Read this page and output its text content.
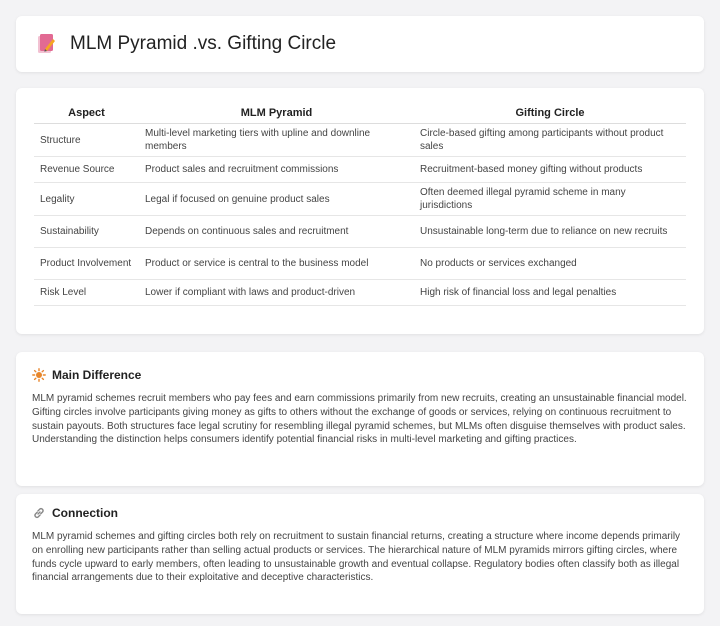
MLM Pyramid .vs. Gifting Circle
Aspect	MLM Pyramid	Gifting Circle
Structure	Multi-level marketing tiers with upline and downline members	Circle-based gifting among participants without product sales
Revenue Source	Product sales and recruitment commissions	Recruitment-based money gifting without products
Legality	Legal if focused on genuine product sales	Often deemed illegal pyramid scheme in many jurisdictions
Sustainability	Depends on continuous sales and recruitment	Unsustainable long-term due to reliance on new recruits
Product Involvement	Product or service is central to the business model	No products or services exchanged
Risk Level	Lower if compliant with laws and product-driven	High risk of financial loss and legal penalties
Main Difference

MLM pyramid schemes recruit members who pay fees and earn commissions primarily from new recruits, creating an unsustainable financial model. Gifting circles involve participants giving money as gifts to others without the exchange of goods or services, relying on continuous recruitment to sustain payouts. Both structures face legal scrutiny for resembling illegal pyramid schemes, but MLMs often disguise themselves with product sales. Understanding the distinction helps consumers identify potential financial risks in multi-level marketing and gifting practices.

Connection

MLM pyramid schemes and gifting circles both rely on recruitment to sustain financial returns, creating a structure where income depends primarily on enrolling new participants rather than selling actual products or services. The hierarchical nature of MLM pyramids mirrors gifting circles, where funds cycle upward to early members, often leading to unsustainable growth and eventual collapse. Regulatory bodies often classify both as illegal financial arrangements due to their exploitative and deceptive characteristics.
